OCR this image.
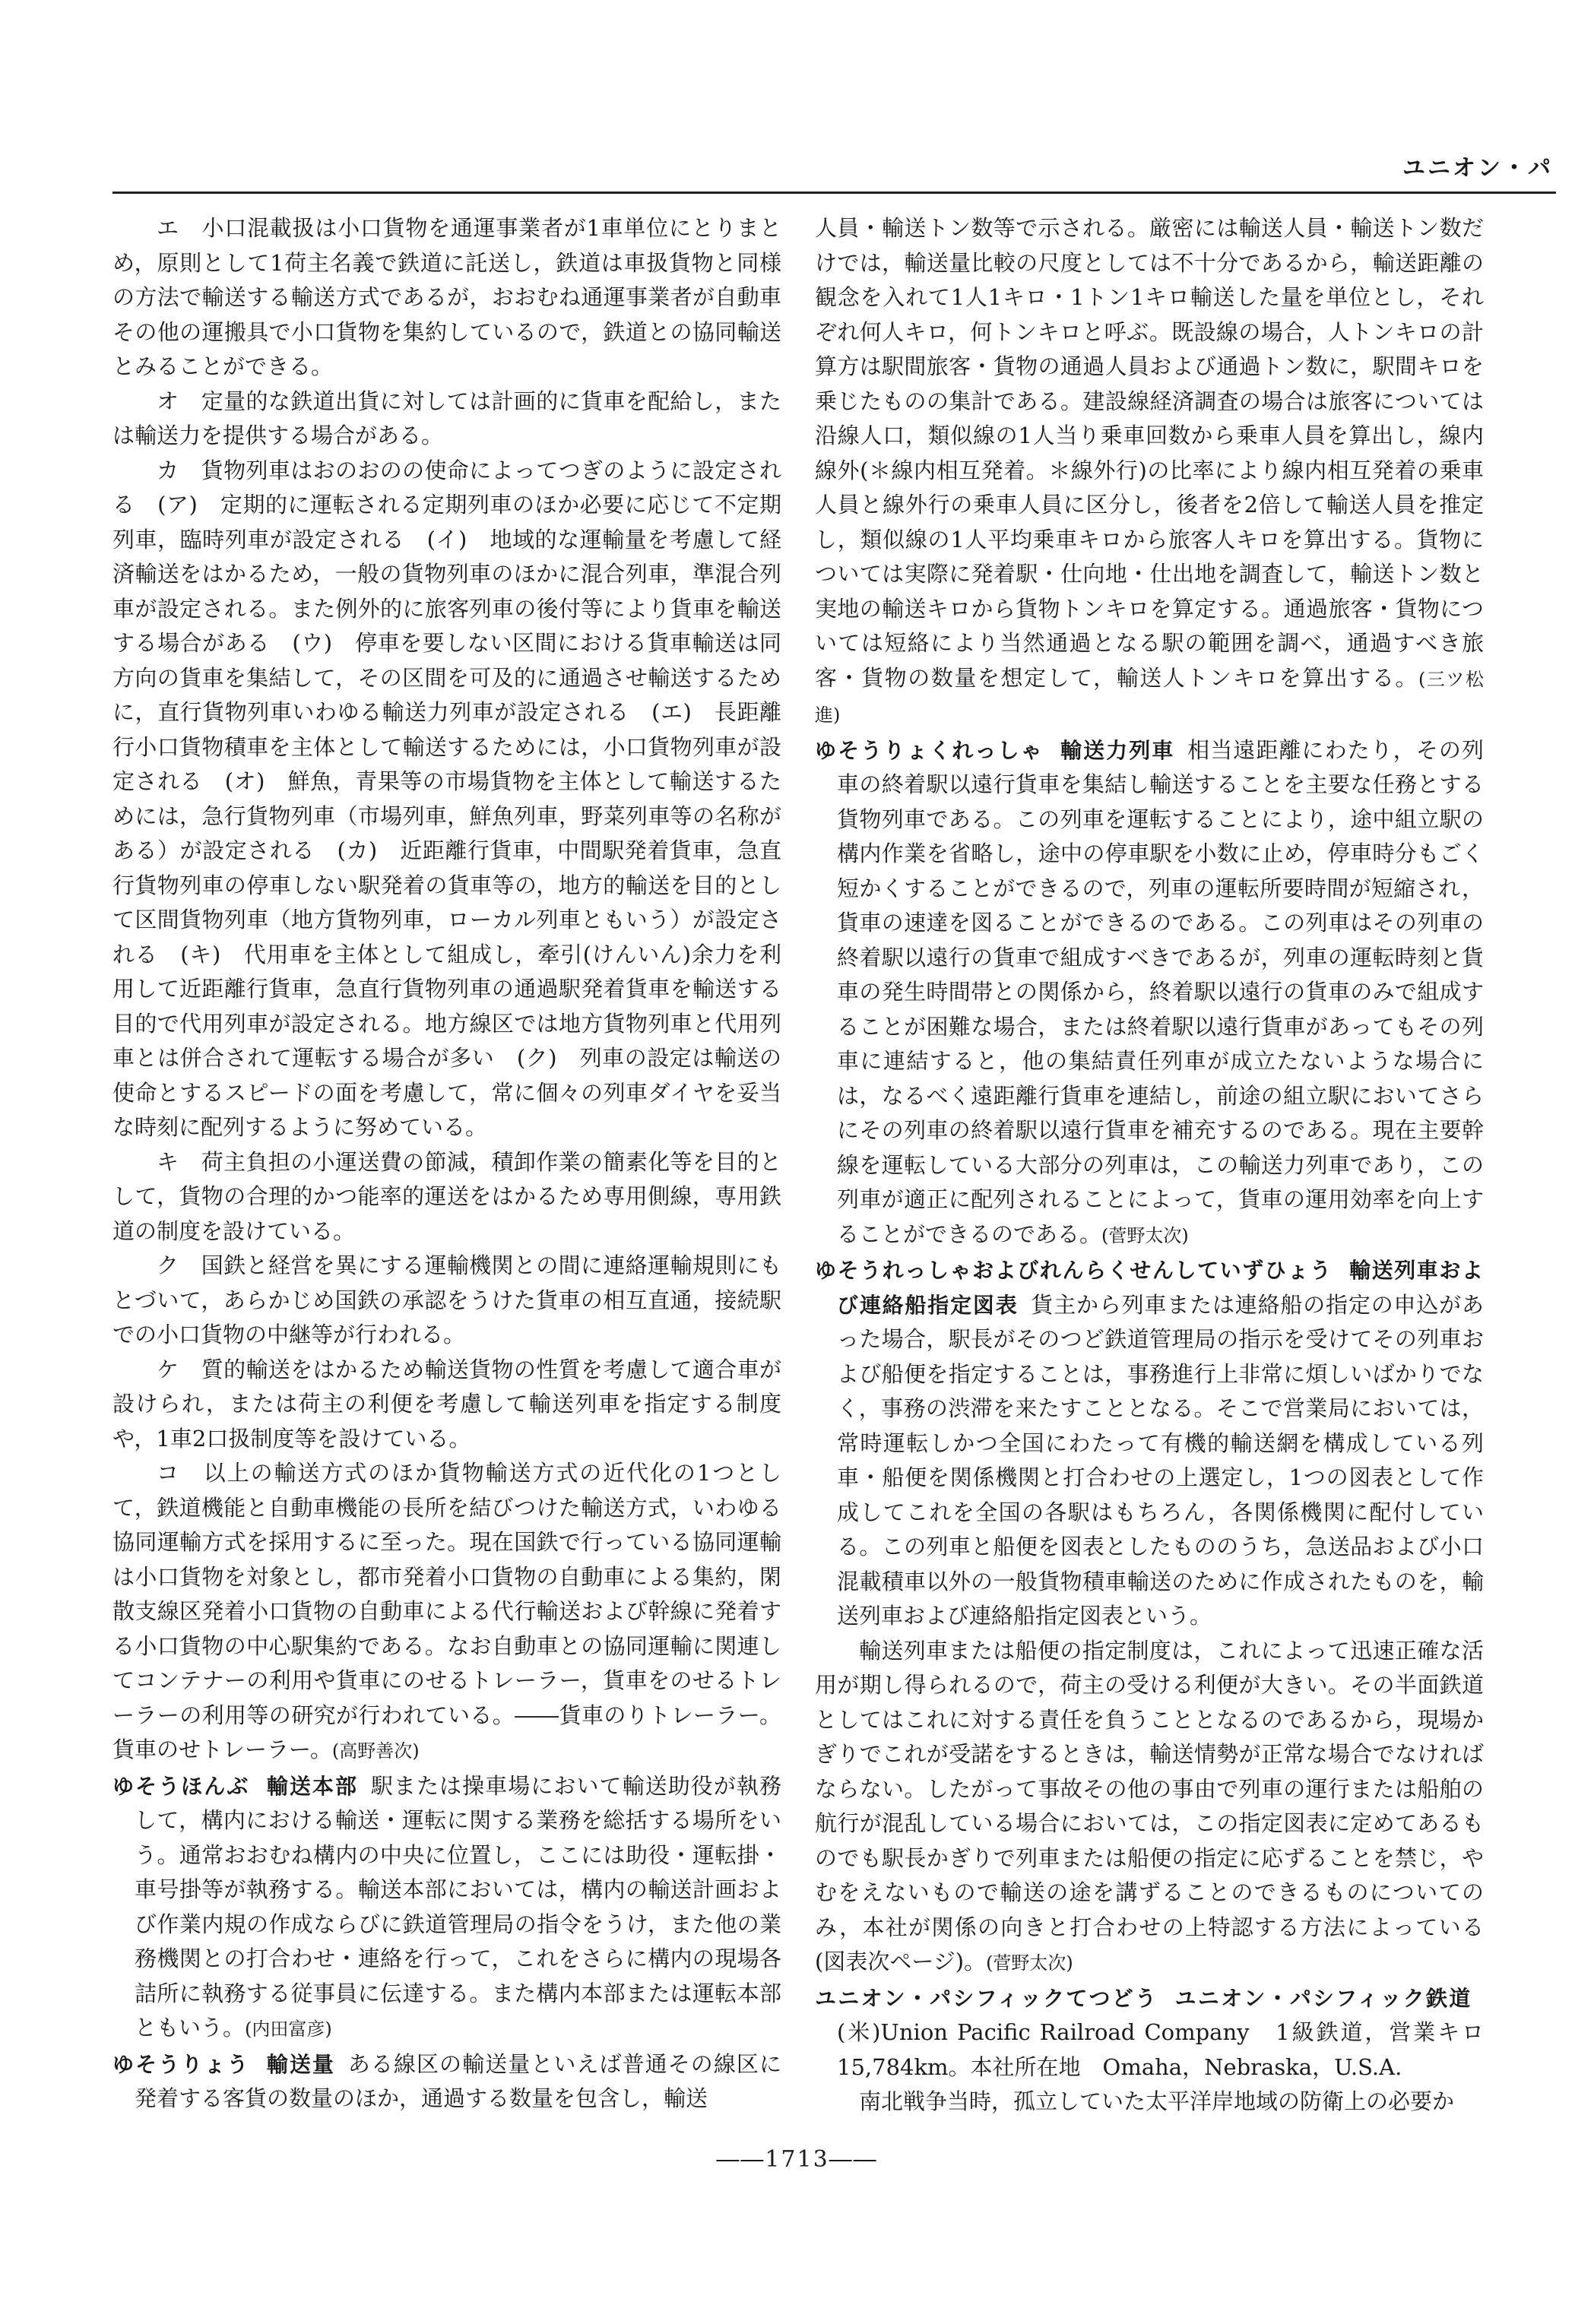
ユニオン・パ

エ　小口混載扱は小口貨物を通運事業者が1車単位にとりまとめ，原則として1荷主名義で鉄道に託送し，鉄道は車扱貨物と同様の方法で輸送する輸送方式であるが，おおむね通運事業者が自動車その他の運搬具で小口貨物を集約しているので，鉄道との協同輸送とみることができる。

オ　定量的な鉄道出貨に対しては計画的に貨車を配給し，または輸送力を提供する場合がある。

カ　貨物列車はおのおのの使命によってつぎのように設定される　(ア)　定期的に運転される定期列車のほか必要に応じて不定期列車，臨時列車が設定される　(イ)　地域的な運輸量を考慮して経済輸送をはかるため，一般の貨物列車のほかに混合列車，準混合列車が設定される。また例外的に旅客列車の後付等により貨車を輸送する場合がある　(ウ)　停車を要しない区間における貨車輸送は同方向の貨車を集結して，その区間を可及的に通過させ輸送するために，直行貨物列車いわゆる輸送力列車が設定される　(エ)　長距離行小口貨物積車を主体として輸送するためには，小口貨物列車が設定される　(オ)　鮮魚，青果等の市場貨物を主体として輸送するためには，急行貨物列車（市場列車，鮮魚列車，野菜列車等の名称がある）が設定される　(カ)　近距離行貨車，中間駅発着貨車，急直行貨物列車の停車しない駅発着の貨車等の，地方的輸送を目的として区間貨物列車（地方貨物列車，ローカル列車ともいう）が設定される　(キ)　代用車を主体として組成し，牽引(けんいん)余力を利用して近距離行貨車，急直行貨物列車の通過駅発着貨車を輸送する目的で代用列車が設定される。地方線区では地方貨物列車と代用列車とは併合されて運転する場合が多い　(ク)　列車の設定は輸送の使命とするスピードの面を考慮して，常に個々の列車ダイヤを妥当な時刻に配列するように努めている。

キ　荷主負担の小運送費の節減，積卸作業の簡素化等を目的として，貨物の合理的かつ能率的運送をはかるため専用側線，専用鉄道の制度を設けている。

ク　国鉄と経営を異にする運輸機関との間に連絡運輸規則にもとづいて，あらかじめ国鉄の承認をうけた貨車の相互直通，接続駅での小口貨物の中継等が行われる。

ケ　質的輸送をはかるため輸送貨物の性質を考慮して適合車が設けられ，または荷主の利便を考慮して輸送列車を指定する制度や，1車2口扱制度等を設けている。

コ　以上の輸送方式のほか貨物輸送方式の近代化の1つとして，鉄道機能と自動車機能の長所を結びつけた輸送方式，いわゆる協同運輸方式を採用するに至った。現在国鉄で行っている協同運輸は小口貨物を対象とし，都市発着小口貨物の自動車による集約，閑散支線区発着小口貨物の自動車による代行輸送および幹線に発着する小口貨物の中心駅集約である。なお自動車との協同運輸に関連してコンテナーの利用や貨車にのせるトレーラー，貨車をのせるトレーラーの利用等の研究が行われている。――貨車のりトレーラー。貨車のせトレーラー。(高野善次)

ゆそうほんぶ 輸送本部 駅または操車場において輸送助役が執務して，構内における輸送・運転に関する業務を総括する場所をいう。通常おおむね構内の中央に位置し，ここには助役・運転掛・車号掛等が執務する。輸送本部においては，構内の輸送計画および作業内規の作成ならびに鉄道管理局の指令をうけ，また他の業務機関との打合わせ・連絡を行って，これをさらに構内の現場各詰所に執務する従事員に伝達する。また構内本部または運転本部ともいう。(内田富彦)

ゆそうりょう 輸送量 ある線区の輸送量といえば普通その線区に発着する客貨の数量のほか，通過する数量を包含し，輸送

人員・輸送トン数等で示される。厳密には輸送人員・輸送トン数だけでは，輸送量比較の尺度としては不十分であるから，輸送距離の観念を入れて1人1キロ・1トン1キロ輸送した量を単位とし，それぞれ何人キロ，何トンキロと呼ぶ。既設線の場合，人トンキロの計算方は駅間旅客・貨物の通過人員および通過トン数に，駅間キロを乗じたものの集計である。建設線経済調査の場合は旅客については沿線人口，類似線の1人当り乗車回数から乗車人員を算出し，線内線外(＊線内相互発着。＊線外行)の比率により線内相互発着の乗車人員と線外行の乗車人員に区分し，後者を2倍して輸送人員を推定し，類似線の1人平均乗車キロから旅客人キロを算出する。貨物については実際に発着駅・仕向地・仕出地を調査して，輸送トン数と実地の輸送キロから貨物トンキロを算定する。通過旅客・貨物については短絡により当然通過となる駅の範囲を調べ，通過すべき旅客・貨物の数量を想定して，輸送人トンキロを算出する。(三ツ松　進)

ゆそうりょくれっしゃ 輸送力列車 相当遠距離にわたり，その列車の終着駅以遠行貨車を集結し輸送することを主要な任務とする貨物列車である。この列車を運転することにより，途中組立駅の構内作業を省略し，途中の停車駅を小数に止め，停車時分もごく短かくすることができるので，列車の運転所要時間が短縮され，貨車の速達を図ることができるのである。この列車はその列車の終着駅以遠行の貨車で組成すべきであるが，列車の運転時刻と貨車の発生時間帯との関係から，終着駅以遠行の貨車のみで組成することが困難な場合，または終着駅以遠行貨車があってもその列車に連結すると，他の集結責任列車が成立たないような場合には，なるべく遠距離行貨車を連結し，前途の組立駅においてさらにその列車の終着駅以遠行貨車を補充するのである。現在主要幹線を運転している大部分の列車は，この輸送力列車であり，この列車が適正に配列されることによって，貨車の運用効率を向上することができるのである。(菅野太次)

ゆそうれっしゃおよびれんらくせんしていずひょう 輸送列車および連絡船指定図表 貨主から列車または連絡船の指定の申込があった場合，駅長がそのつど鉄道管理局の指示を受けてその列車および船便を指定することは，事務進行上非常に煩しいばかりでなく，事務の渋滞を来たすこととなる。そこで営業局においては，常時運転しかつ全国にわたって有機的輸送網を構成している列車・船便を関係機関と打合わせの上選定し，1つの図表として作成してこれを全国の各駅はもちろん，各関係機関に配付している。この列車と船便を図表としたもののうち，急送品および小口混載積車以外の一般貨物積車輸送のために作成されたものを，輸送列車および連絡船指定図表という。

輸送列車または船便の指定制度は，これによって迅速正確な活用が期し得られるので，荷主の受ける利便が大きい。その半面鉄道としてはこれに対する責任を負うこととなるのであるから，現場かぎりでこれが受諾をするときは，輸送情勢が正常な場合でなければならない。したがって事故その他の事由で列車の運行または船舶の航行が混乱している場合においては，この指定図表に定めてあるものでも駅長かぎりで列車または船便の指定に応ずることを禁じ，やむをえないもので輸送の途を講ずることのできるものについてのみ，本社が関係の向きと打合わせの上特認する方法によっている(図表次ページ)。(菅野太次)

ユニオン・パシフィックてつどう ユニオン・パシフィック鉄道(米)Union Pacific Railroad Company　1級鉄道，営業キロ15,784km。本社所在地　Omaha，Nebraska，U.S.A.

南北戦争当時，孤立していた太平洋岸地域の防衛上の必要か

――1713――
